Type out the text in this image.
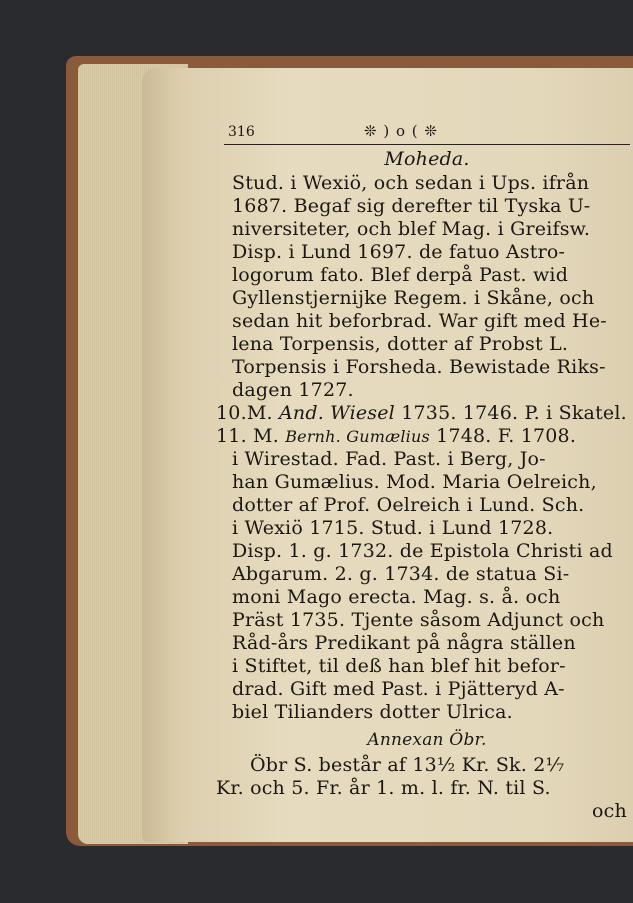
316	❊ ) o ( ❊
Moheda.
Stud. i Wexiö, och sedan i Ups. ifrån
1687. Begaf sig derefter til Tyska U-
niversiteter, och blef Mag. i Greifsw.
Disp. i Lund 1697. de fatuo Astro-
logorum fato. Blef derpå Past. wid
Gyllenstjernijke Regem. i Skåne, och
sedan hit beforbrad. War gift med He-
lena Torpensis, dotter af Probst L.
Torpensis i Forsheda. Bewistade Riks-
dagen 1727.
10.M. And. Wiesel 1735. 1746. P. i Skatel.
11. M. Bernh. Gumælius 1748. F. 1708.
i Wirestad. Fad. Past. i Berg, Jo-
han Gumælius. Mod. Maria Oelreich,
dotter af Prof. Oelreich i Lund. Sch.
i Wexiö 1715. Stud. i Lund 1728.
Disp. 1. g. 1732. de Epistola Christi ad
Abgarum. 2. g. 1734. de statua Si-
moni Mago erecta. Mag. s. å. och
Präst 1735. Tjente såsom Adjunct och
Råd-års Predikant på några ställen
i Stiftet, til deß han blef hit befor-
drad. Gift med Past. i Pjätteryd A-
biel Tilianders dotter Ulrica.
Annexan Öbr.
Öbr S. består af 13½ Kr. Sk. 2⅟₇
Kr. och 5. Fr. år 1. m. l. fr. N. til S.
och
